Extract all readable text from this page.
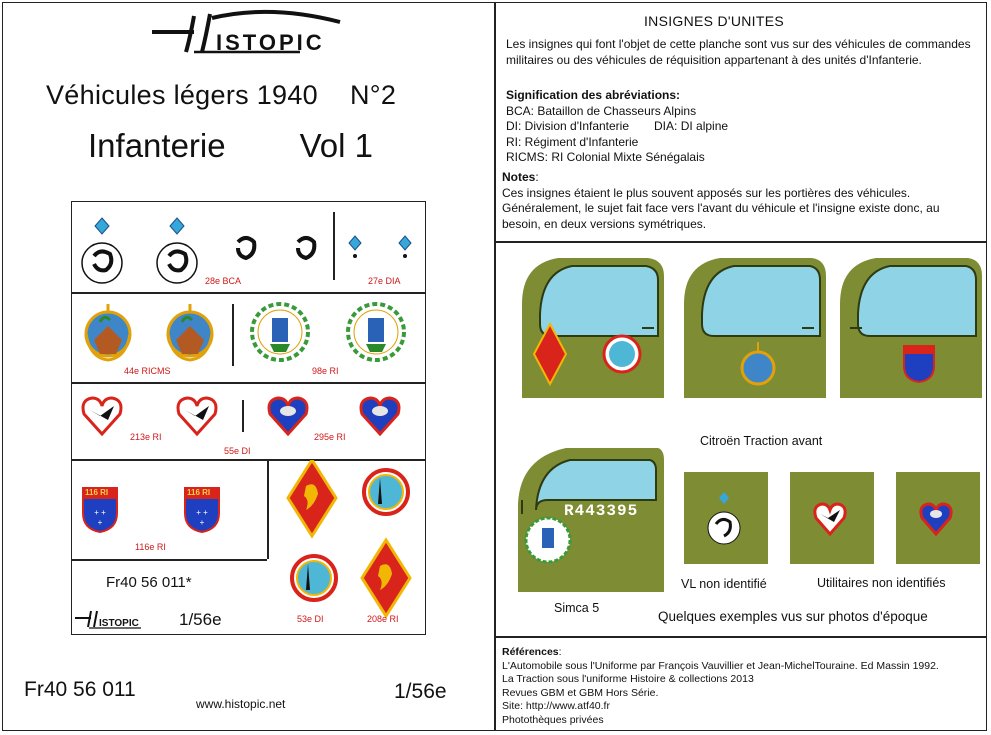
ISTOPIC
Véhicules légers 1940 N°2
Infanterie Vol 1
28e BCA	27e DIA
44e RICMS	98e RI
213e RI
55e DI
295e RI
+ +
+
116 RI
+ +
+
116 RI
116e RI
53e DI	208e RI
Fr40 56 011*
ISTOPIC 1/56e
Fr40 56 011
www.histopic.net
1/56e
INSIGNES D'UNITES
Les insignes qui font l'objet de cette planche sont vus sur des véhicules de commandes militaires ou des véhicules de réquisition appartenant à des unités d'Infanterie.
Signification des abréviations:
BCA: Bataillon de Chasseurs Alpins
DI: Division d'Infanterie DIA: DI alpine
RI: Régiment d'Infanterie
RICMS: RI Colonial Mixte Sénégalais
Notes:
Ces insignes étaient le plus souvent apposés sur les portières des véhicules. Généralement, le sujet fait face vers l'avant du véhicule et l'insigne existe donc, au besoin, en deux versions symétriques.
Citroën Traction avant
R443395
Simca 5
VL non identifié	Utilitaires non identifiés
Quelques exemples vus sur photos d'époque
Références:
L'Automobile sous l'Uniforme par François Vauvillier et Jean-MichelTouraine. Ed Massin 1992.
La Traction sous l'uniforme Histoire & collections 2013
Revues GBM et GBM Hors Série.
Site: http://www.atf40.fr
Photothèques privées
